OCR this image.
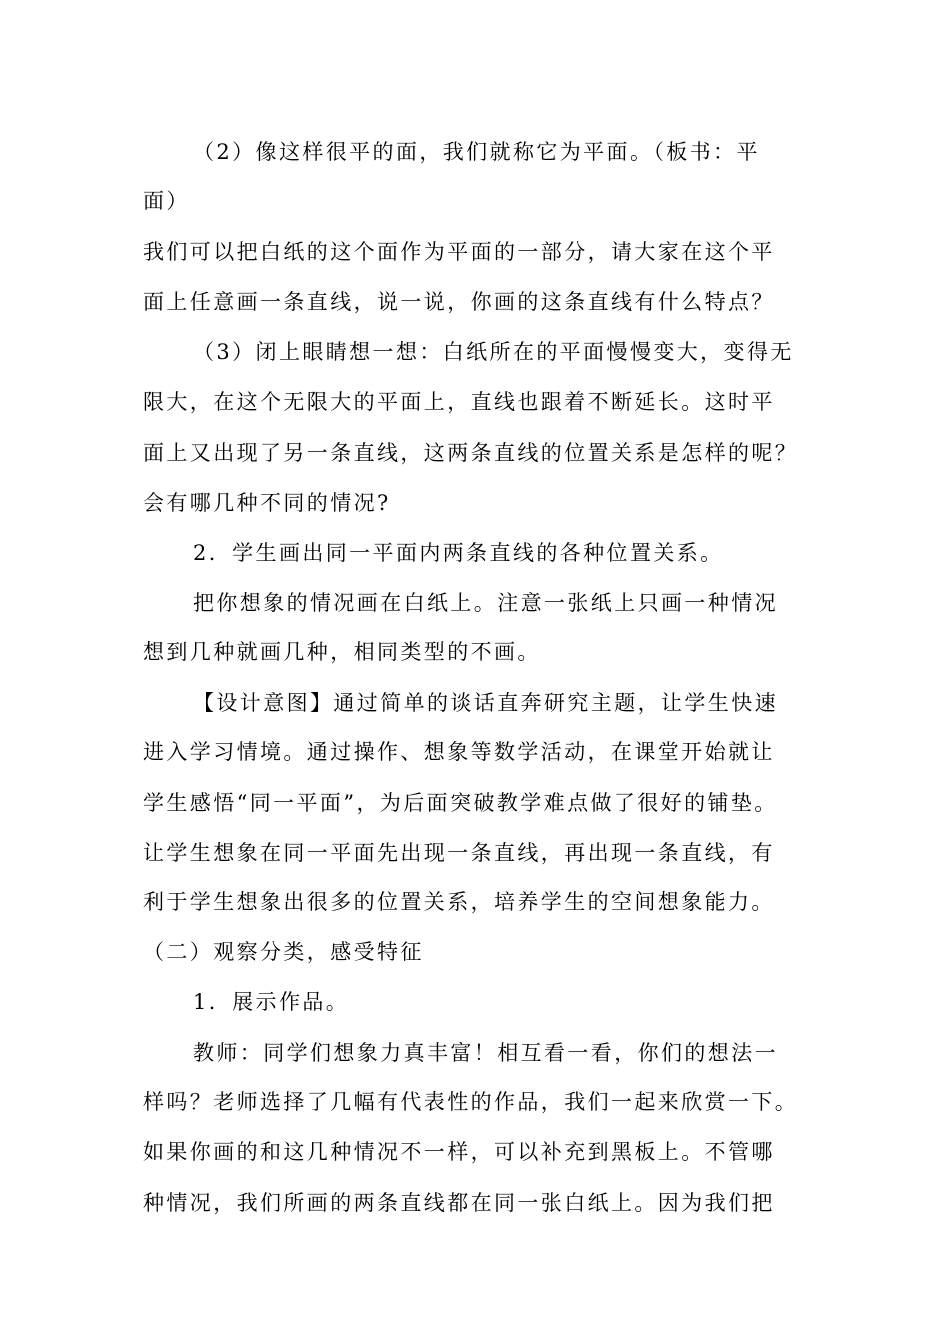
（2）像这样很平的面，我们就称它为平面。（板书：平
面）
我们可以把白纸的这个面作为平面的一部分，请大家在这个平
面上任意画一条直线，说一说，你画的这条直线有什么特点？
（3）闭上眼睛想一想：白纸所在的平面慢慢变大，变得无
限大，在这个无限大的平面上，直线也跟着不断延长。这时平
面上又出现了另一条直线，这两条直线的位置关系是怎样的呢？
会有哪几种不同的情况?
2．学生画出同一平面内两条直线的各种位置关系。
把你想象的情况画在白纸上。注意一张纸上只画一种情况
想到几种就画几种，相同类型的不画。
【设计意图】通过简单的谈话直奔研究主题，让学生快速
进入学习情境。通过操作、想象等数学活动，在课堂开始就让
学生感悟“同一平面”，为后面突破教学难点做了很好的铺垫。
让学生想象在同一平面先出现一条直线，再出现一条直线，有
利于学生想象出很多的位置关系，培养学生的空间想象能力。
（二）观察分类，感受特征
1．展示作品。
教师：同学们想象力真丰富！相互看一看，你们的想法一
样吗？老师选择了几幅有代表性的作品，我们一起来欣赏一下。
如果你画的和这几种情况不一样，可以补充到黑板上。不管哪
种情况，我们所画的两条直线都在同一张白纸上。因为我们把
